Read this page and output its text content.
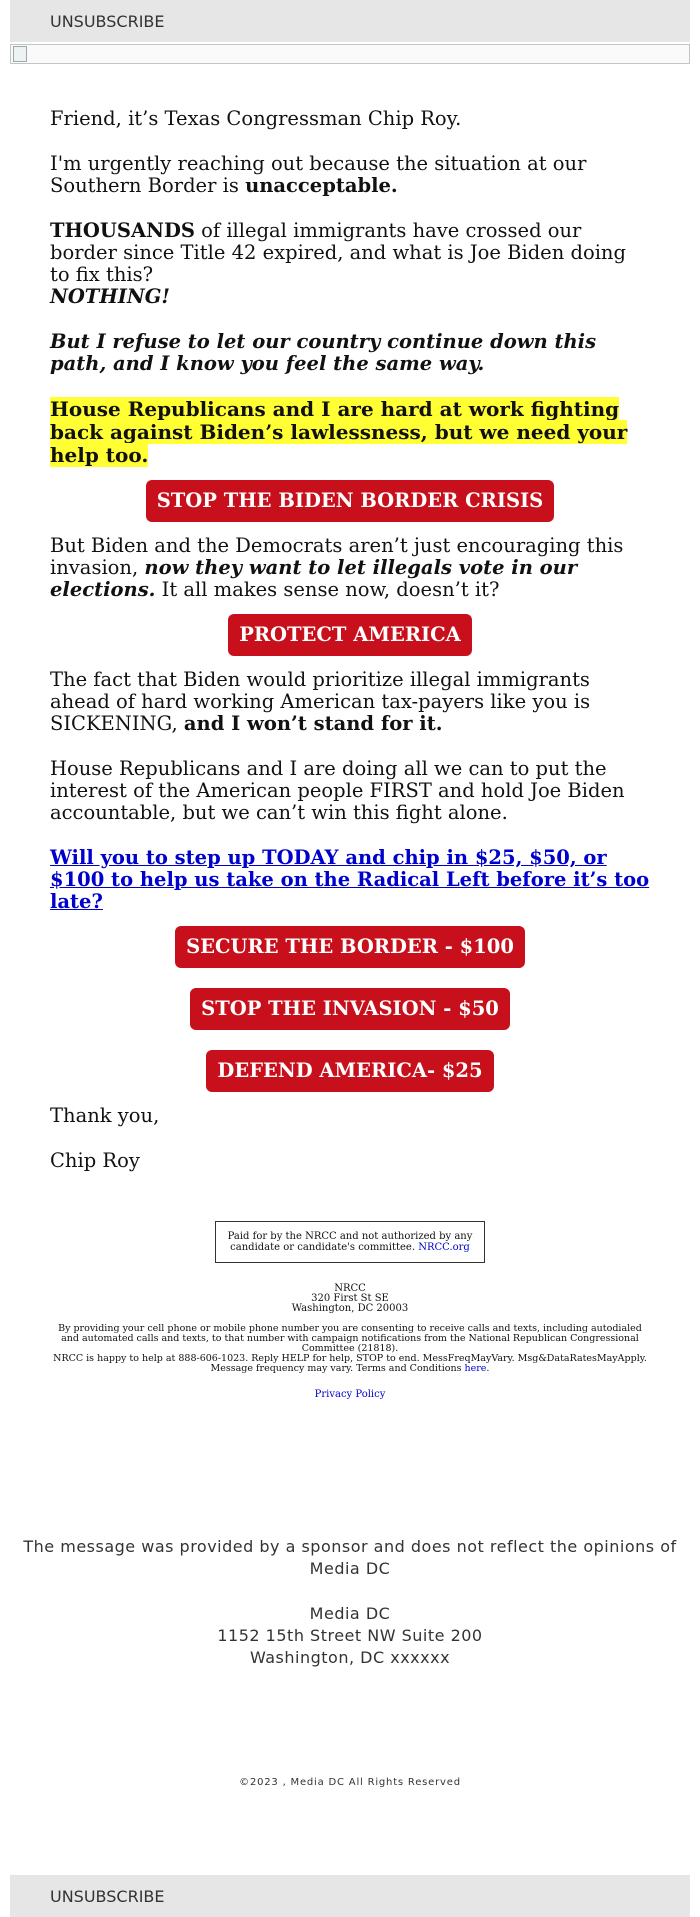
UNSUBSCRIBE

Friend, it’s Texas Congressman Chip Roy.

I'm urgently reaching out because the situation at our Southern Border is unacceptable.

THOUSANDS of illegal immigrants have crossed our border since Title 42 expired, and what is Joe Biden doing to fix this?
NOTHING!

But I refuse to let our country continue down this path, and I know you feel the same way.

House Republicans and I are hard at work fighting back against Biden’s lawlessness, but we need your help too.

STOP THE BIDEN BORDER CRISIS

But Biden and the Democrats aren’t just encouraging this invasion, now they want to let illegals vote in our elections. It all makes sense now, doesn’t it?

PROTECT AMERICA

The fact that Biden would prioritize illegal immigrants ahead of hard working American tax-payers like you is SICKENING, and I won’t stand for it.

House Republicans and I are doing all we can to put the interest of the American people FIRST and hold Joe Biden accountable, but we can’t win this fight alone.

Will you to step up TODAY and chip in $25, $50, or $100 to help us take on the Radical Left before it’s too late?

SECURE THE BORDER - $100
STOP THE INVASION - $50
DEFEND AMERICA- $25

Thank you,

Chip Roy

Paid for by the NRCC and not authorized by any candidate or candidate's committee. NRCC.org
NRCC
320 First St SE
Washington, DC 20003
By providing your cell phone or mobile phone number you are consenting to receive calls and texts, including autodialed and automated calls and texts, to that number with campaign notifications from the National Republican Congressional Committee (21818).
NRCC is happy to help at 888-606-1023. Reply HELP for help, STOP to end. MessFreqMayVary. Msg&DataRatesMayApply. Message frequency may vary. Terms and Conditions here.
Privacy Policy
The message was provided by a sponsor and does not reflect the opinions of Media DC
Media DC
1152 15th Street NW Suite 200
Washington, DC xxxxxx
©2023 , Media DC All Rights Reserved
UNSUBSCRIBE
